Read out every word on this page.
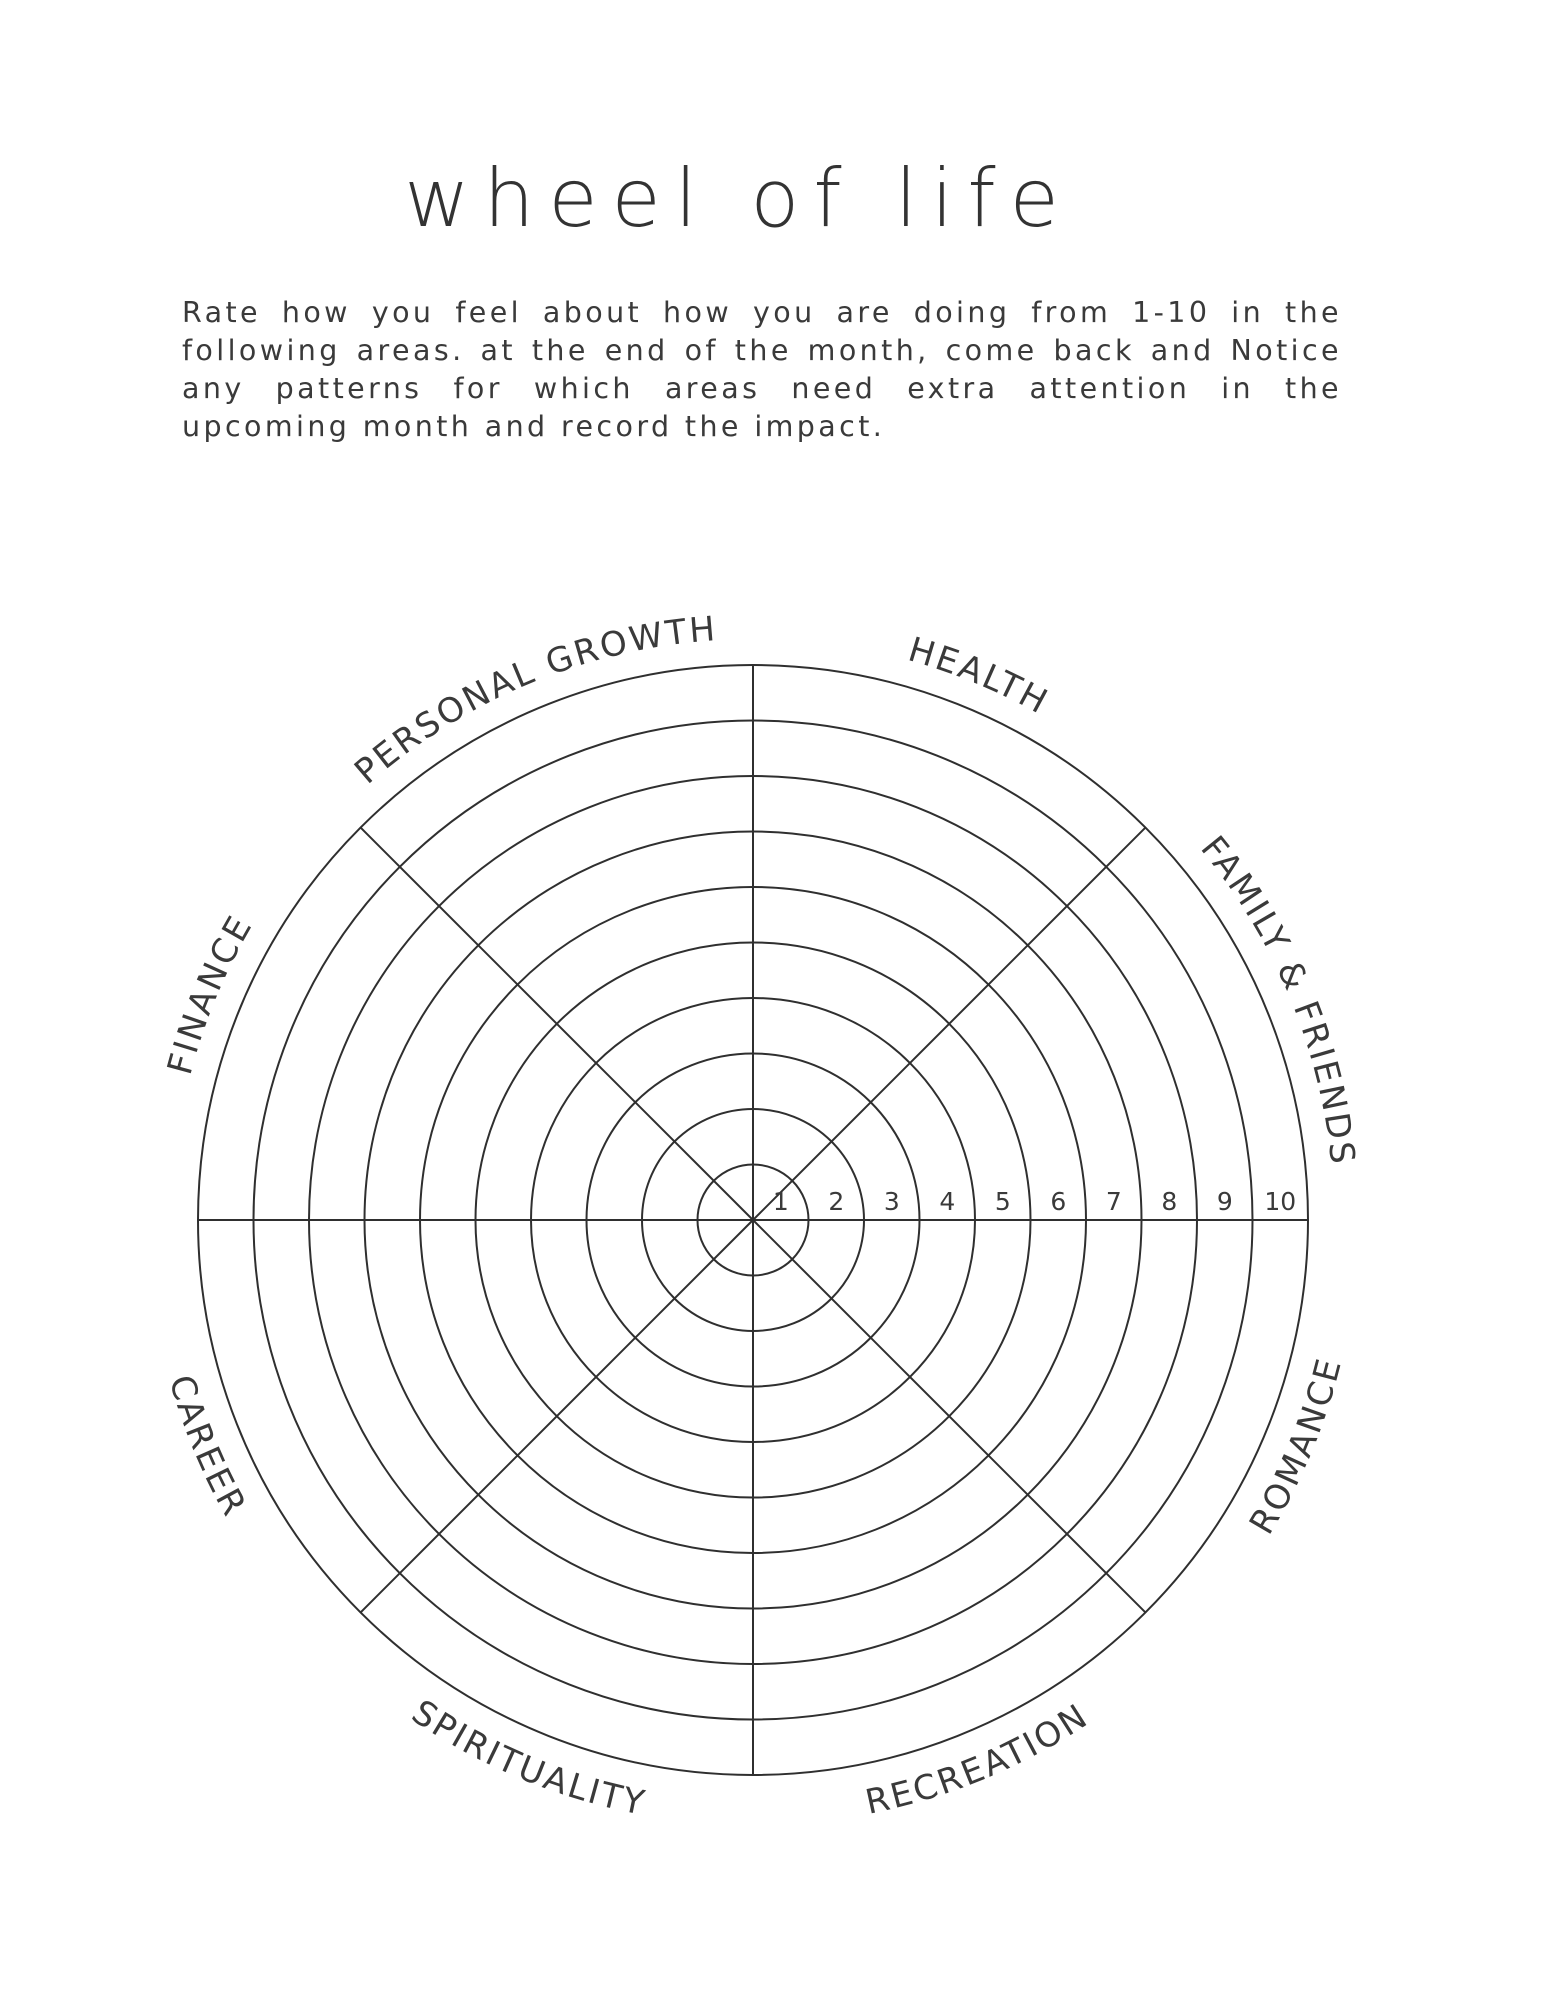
wheel of life

Rate how you feel about how you are doing from 1-10 in the following areas. at the end of the month, come back and Notice any patterns for which areas need extra attention in the upcoming month and record the impact.

1 2 3 4 5 6 7 8 9 10
HEALTH
FAMILY & FRIENDS
ROMANCE
RECREATION
SPIRITUALITY
CAREER
FINANCE
PERSONAL GROWTH
